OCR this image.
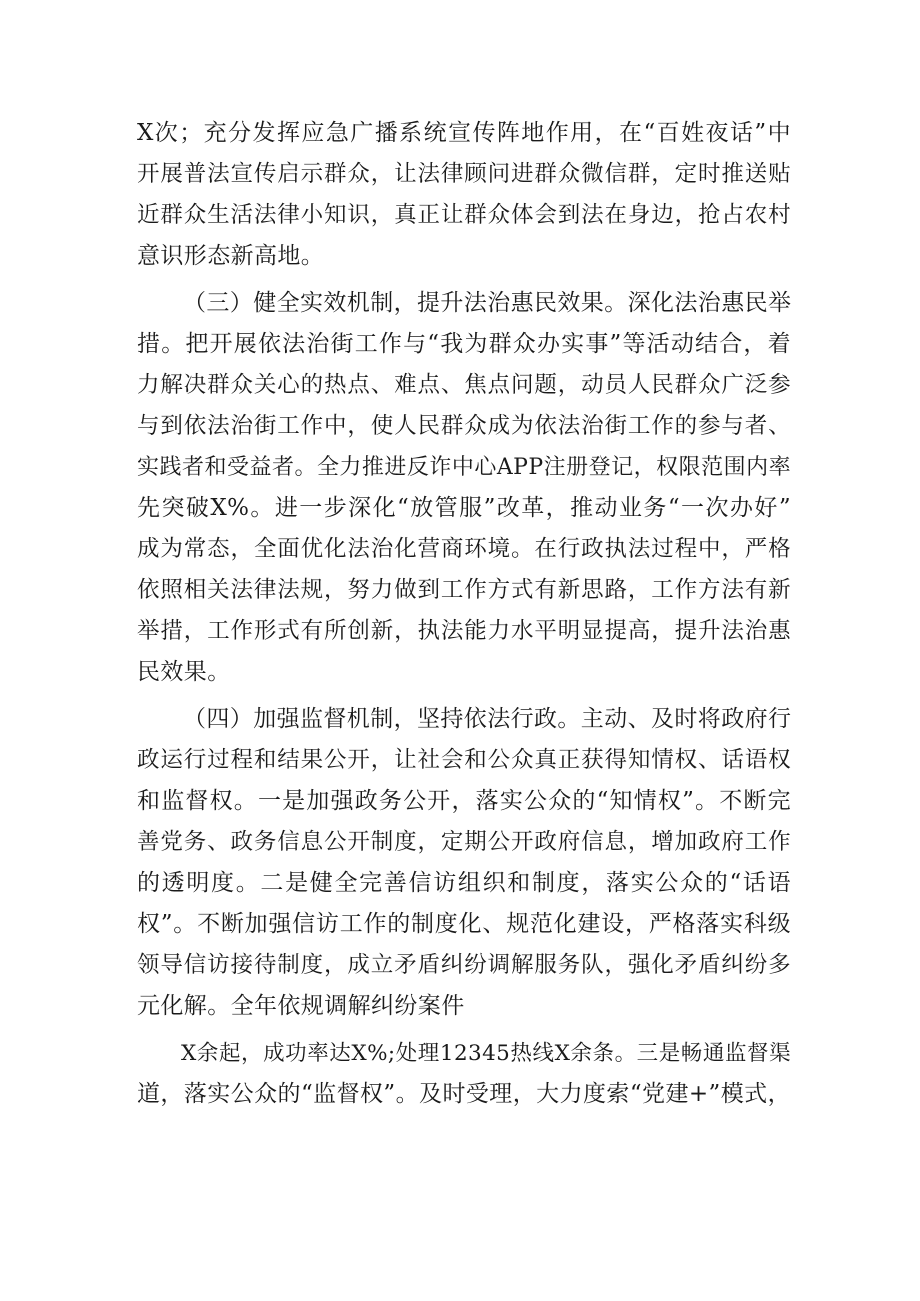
X次；充分发挥应急广播系统宣传阵地作用，在“百姓夜话”中
开展普法宣传启示群众，让法律顾问进群众微信群，定时推送贴
近群众生活法律小知识，真正让群众体会到法在身边，抢占农村
意识形态新高地。
（三）健全实效机制，提升法治惠民效果。深化法治惠民举
措。把开展依法治街工作与“我为群众办实事”等活动结合，着
力解决群众关心的热点、难点、焦点问题，动员人民群众广泛参
与到依法治街工作中，使人民群众成为依法治街工作的参与者、
实践者和受益者。全力推进反诈中心APP注册登记，权限范围内率
先突破X%。进一步深化“放管服”改革，推动业务“一次办好”
成为常态，全面优化法治化营商环境。在行政执法过程中，严格
依照相关法律法规，努力做到工作方式有新思路，工作方法有新
举措，工作形式有所创新，执法能力水平明显提高，提升法治惠
民效果。
（四）加强监督机制，坚持依法行政。主动、及时将政府行
政运行过程和结果公开，让社会和公众真正获得知情权、话语权
和监督权。一是加强政务公开，落实公众的“知情权”。不断完
善党务、政务信息公开制度，定期公开政府信息，增加政府工作
的透明度。二是健全完善信访组织和制度，落实公众的“话语
权”。不断加强信访工作的制度化、规范化建设，严格落实科级
领导信访接待制度，成立矛盾纠纷调解服务队，强化矛盾纠纷多
元化解。全年依规调解纠纷案件
X余起，成功率达X%;处理12345热线X余条。三是畅通监督渠
道，落实公众的“监督权”。及时受理，大力度索“党建+”模式，
